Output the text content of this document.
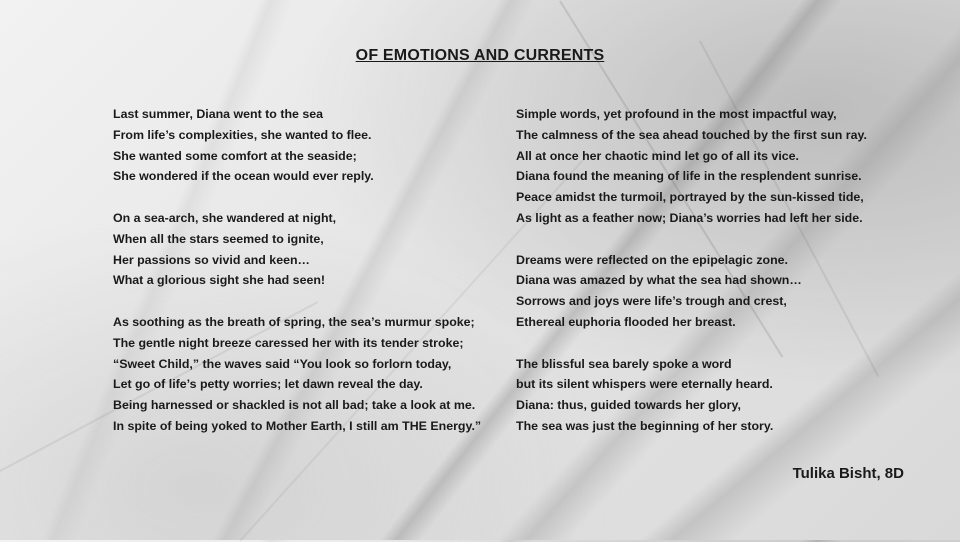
OF EMOTIONS AND CURRENTS
Last summer, Diana went to the sea
From life’s complexities, she wanted to flee.
She wanted some comfort at the seaside;
She wondered if the ocean would ever reply.
On a sea-arch, she wandered at night,
When all the stars seemed to ignite,
Her passions so vivid and keen…
What a glorious sight she had seen!
As soothing as the breath of spring, the sea’s murmur spoke;
The gentle night breeze caressed her with its tender stroke;
“Sweet Child,” the waves said “You look so forlorn today,
Let go of life’s petty worries; let dawn reveal the day.
Being harnessed or shackled is not all bad; take a look at me.
In spite of being yoked to Mother Earth, I still am THE Energy.”
Simple words, yet profound in the most impactful way,
The calmness of the sea ahead touched by the first sun ray.
All at once her chaotic mind let go of all its vice.
Diana found the meaning of life in the resplendent sunrise.
Peace amidst the turmoil, portrayed by the sun-kissed tide,
As light as a feather now; Diana’s worries had left her side.
Dreams were reflected on the epipelagic zone.
Diana was amazed by what the sea had shown…
Sorrows and joys were life’s trough and crest,
Ethereal euphoria flooded her breast.
The blissful sea barely spoke a word
but its silent whispers were eternally heard.
Diana: thus, guided towards her glory,
The sea was just the beginning of her story.
Tulika Bisht, 8D
